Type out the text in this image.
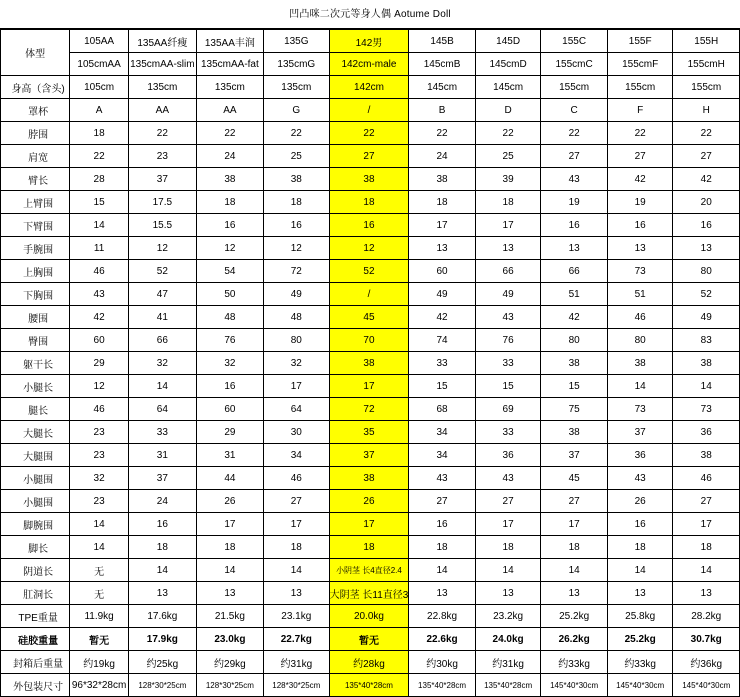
凹凸咪二次元等身人偶 Aotume Doll
体型	105AA	135AA纤瘦	135AA丰润	135G	142男	145B	145D	155C	155F	155H
	105cmAA	135cmAA-slim	135cmAA-fat	135cmG	142cm-male	145cmB	145cmD	155cmC	155cmF	155cmH
身高（含头)	105cm	135cm	135cm	135cm	142cm	145cm	145cm	155cm	155cm	155cm
罩杯	A	AA	AA	G	/	B	D	C	F	H
脖围	18	22	22	22	22	22	22	22	22	22
肩宽	22	23	24	25	27	24	25	27	27	27
臂长	28	37	38	38	38	38	39	43	42	42
上臂围	15	17.5	18	18	18	18	18	19	19	20
下臂围	14	15.5	16	16	16	17	17	16	16	16
手腕围	11	12	12	12	12	13	13	13	13	13
上胸围	46	52	54	72	52	60	66	66	73	80
下胸围	43	47	50	49	/	49	49	51	51	52
腰围	42	41	48	48	45	42	43	42	46	49
臀围	60	66	76	80	70	74	76	80	80	83
躯干长	29	32	32	32	38	33	33	38	38	38
小腿长	12	14	16	17	17	15	15	15	14	14
腿长	46	64	60	64	72	68	69	75	73	73
大腿长	23	33	29	30	35	34	33	38	37	36
大腿围	23	31	31	34	37	34	36	37	36	38
小腿围	32	37	44	46	38	43	43	45	43	46
小腿围	23	24	26	27	26	27	27	27	26	27
脚腕围	14	16	17	17	17	16	17	17	16	17
脚长	14	18	18	18	18	18	18	18	18	18
阴道长	无	14	14	14	小阴茎 长4直径2.4	14	14	14	14	14
肛洞长	无	13	13	13	大阴茎 长11直径3	13	13	13	13	13
TPE重量	11.9kg	17.6kg	21.5kg	23.1kg	20.0kg	22.8kg	23.2kg	25.2kg	25.8kg	28.2kg
硅胶重量	暂无	17.9kg	23.0kg	22.7kg	暂无	22.6kg	24.0kg	26.2kg	25.2kg	30.7kg
封箱后重量	约19kg	约25kg	约29kg	约31kg	约28kg	约30kg	约31kg	约33kg	约33kg	约36kg
外包装尺寸	96*32*28cm	128*30*25cm	128*30*25cm	128*30*25cm	135*40*28cm	135*40*28cm	135*40*28cm	145*40*30cm	145*40*30cm	145*40*30cm
